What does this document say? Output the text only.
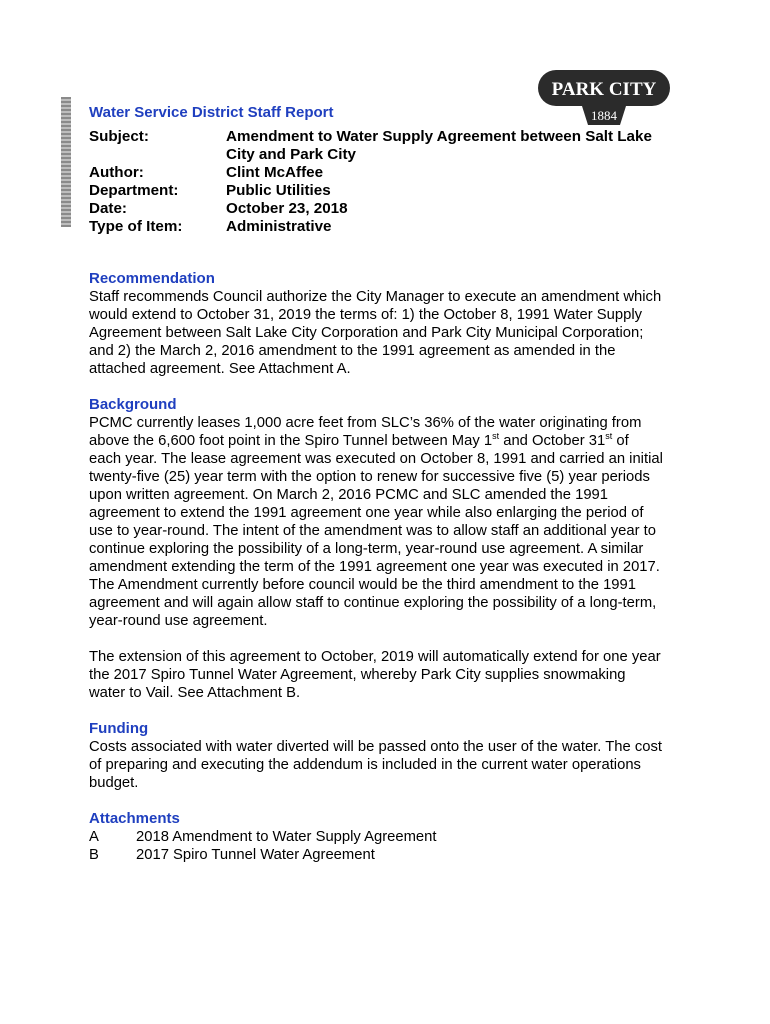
PARK CITY
1884
Water Service District Staff Report
Subject:	Amendment to Water Supply Agreement between Salt Lake
City and Park City
Author:	Clint McAffee
Department:	Public Utilities
Date:	October 23, 2018
Type of Item:	Administrative
Recommendation
Staff recommends Council authorize the City Manager to execute an amendment which
would extend to October 31, 2019 the terms of: 1) the October 8, 1991 Water Supply
Agreement between Salt Lake City Corporation and Park City Municipal Corporation;
and 2) the March 2, 2016 amendment to the 1991 agreement as amended in the
attached agreement. See Attachment A.
Background
PCMC currently leases 1,000 acre feet from SLC’s 36% of the water originating from
above the 6,600 foot point in the Spiro Tunnel between May 1st and October 31st of
each year. The lease agreement was executed on October 8, 1991 and carried an initial
twenty-five (25) year term with the option to renew for successive five (5) year periods
upon written agreement. On March 2, 2016 PCMC and SLC amended the 1991
agreement to extend the 1991 agreement one year while also enlarging the period of
use to year-round. The intent of the amendment was to allow staff an additional year to
continue exploring the possibility of a long-term, year-round use agreement. A similar
amendment extending the term of the 1991 agreement one year was executed in 2017.
The Amendment currently before council would be the third amendment to the 1991
agreement and will again allow staff to continue exploring the possibility of a long-term,
year-round use agreement.
The extension of this agreement to October, 2019 will automatically extend for one year
the 2017 Spiro Tunnel Water Agreement, whereby Park City supplies snowmaking
water to Vail. See Attachment B.
Funding
Costs associated with water diverted will be passed onto the user of the water. The cost
of preparing and executing the addendum is included in the current water operations
budget.
Attachments
A	2018 Amendment to Water Supply Agreement
B	2017 Spiro Tunnel Water Agreement
